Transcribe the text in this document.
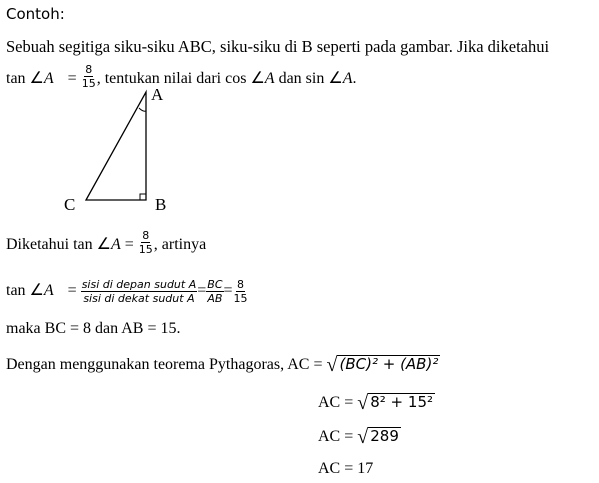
Contoh:
Sebuah segitiga siku-siku ABC, siku-siku di B seperti pada gambar. Jika diketahui
tan ∠A = $\frac{8}{15}$ , tentukan nilai dari cos ∠A dan sin ∠A.
A
B
C
Diketahui tan ∠A = $\frac{8}{15}$ , artinya
tan ∠A = $\frac{\text{sisi di depan sudut A}}{\text{sisi di dekat sudut A}} = \frac{BC}{AB} = \frac{8}{15}$
maka BC = 8 dan AB = 15.
Dengan menggunakan teorema Pythagoras, AC = √ (BC)² + (AB)²
AC = √ 8² + 15²
AC = √ 289
AC = 17
